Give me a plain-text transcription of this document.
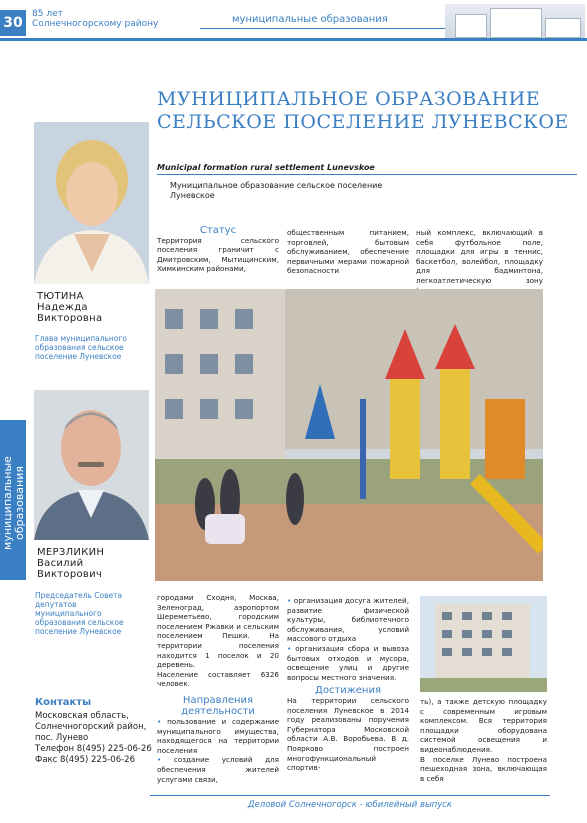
30
85 лет
Солнечногорскому району	муниципальные образования
МУНИЦИПАЛЬНОЕ ОБРАЗОВАНИЕ
СЕЛЬСКОЕ ПОСЕЛЕНИЕ ЛУНЕВСКОЕ
Municipal formation rural settlement Lunevskoe
Муниципальное образование сельское поселение Луневское
муниципальные образования
ТЮТИНА
Надежда
Викторовна
Глава муниципального образования сельское поселение Луневское
МЕРЗЛИКИН
Василий
Викторович
Председатель Совета депутатов муниципального образования сельское поселение Луневское
Контакты
Московская область,
Солнечногорский район,
пос. Лунево
Телефон 8(495) 225-06-26
Факс 8(495) 225-06-26
Статус
Территория сельского поселения граничит с Дмитровским, Мытищинским, Химкинским районами,
общественным питанием, торговлей, бытовым обслуживанием, обеспечение первичными мерами пожарной безопасности
ный комплекс, включающий в себя футбольное поле, площадки для игры в теннис, баскетбол, волейбол, площадку для бадминтона, легкоатлетическую зону
городами Сходня, Москва, Зеленоград, аэропортом Шереметьево, городским поселением Ржавки и сельским поселением Пешки. На территории поселения находится 1 поселок и 20 деревень.
Население составляет 6326 человек.
Направления
деятельности
• пользование и содержание муниципального имущества, находящегося на территории поселения
• создание условий для обеспечения жителей услугами связи,
• организация досуга жителей, развитие физической культуры, библиотечного обслуживания, условий массового отдыха
• организация сбора и вывоза бытовых отходов и мусора, освещение улиц и другие вопросы местного значения.
Достижения
На территории сельского поселения Луневское в 2014 году реализованы поручения Губернатора Московской области А.В. Воробьева. В д. Поярково построен многофункциональный спортив-
ть), а также детскую площадку с современным игровым комплексом. Вся территория площадки оборудована системой освещения и видеонаблюдения.
В поселке Лунево построена пешеходная зона, включающая в себя
Деловой Солнечногорск - юбилейный выпуск
